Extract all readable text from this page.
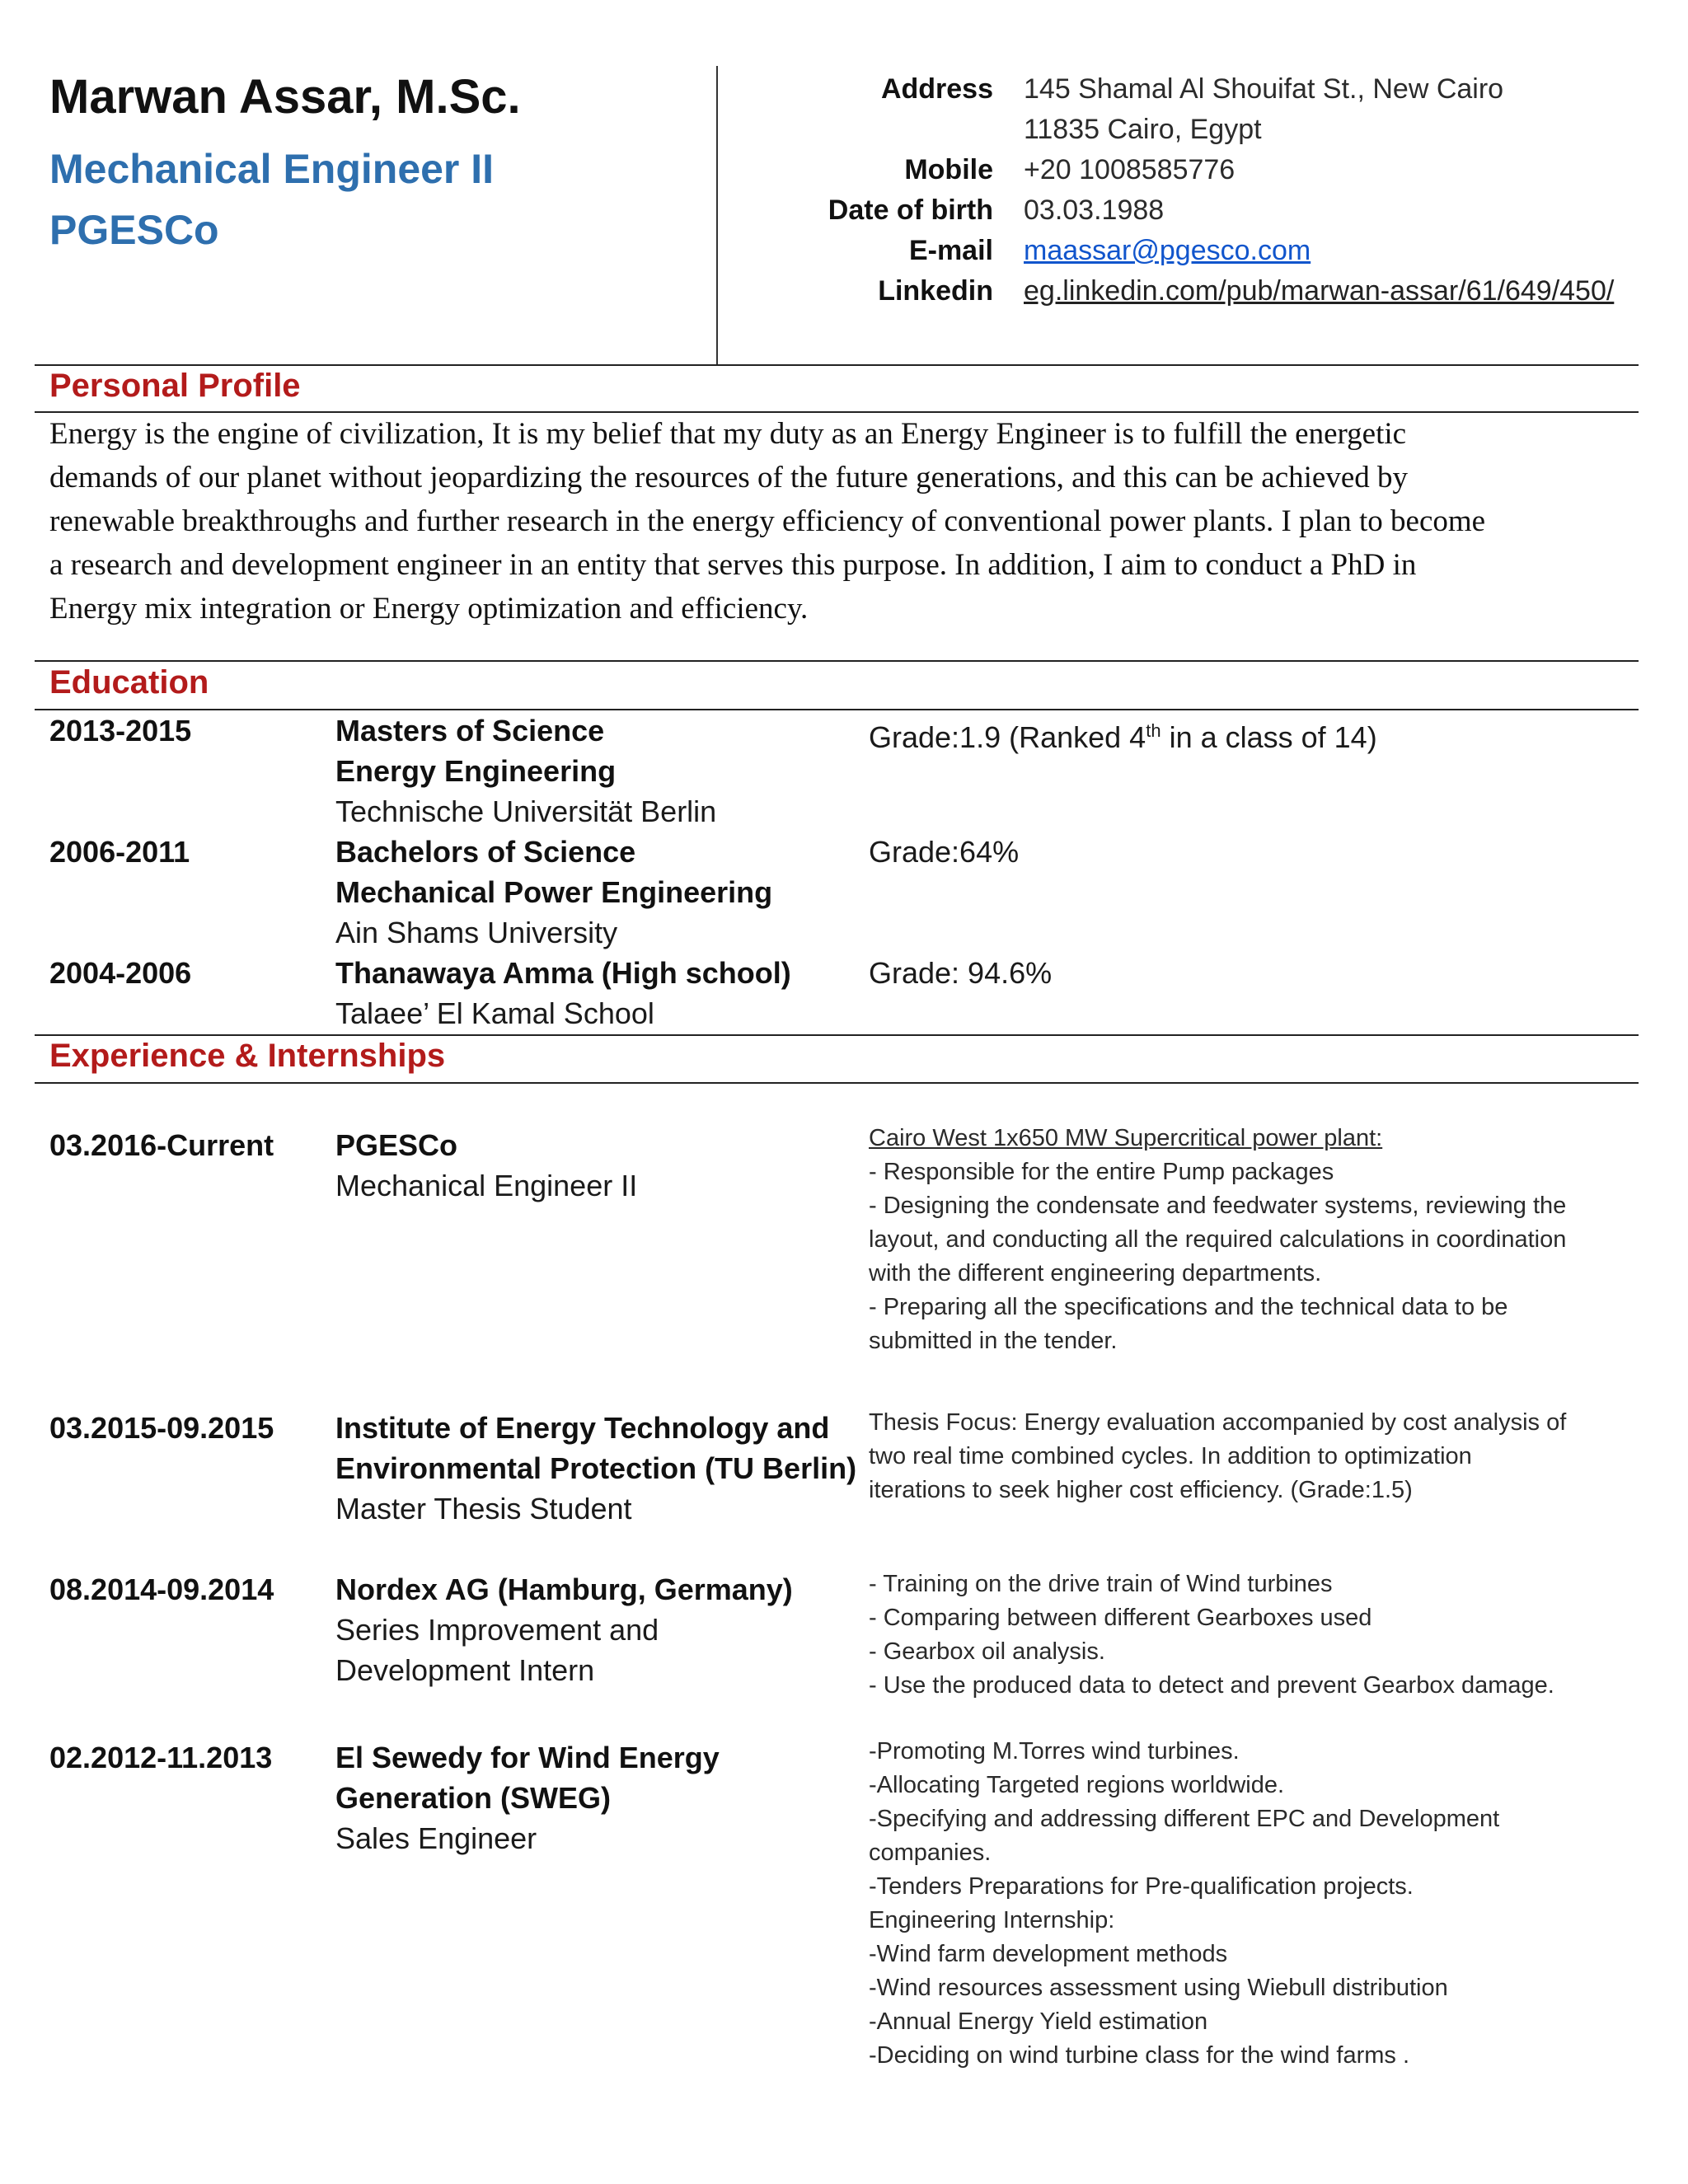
Marwan Assar, M.Sc.
Mechanical Engineer II
PGESCo
Address	145 Shamal Al Shouifat St., New Cairo
11835 Cairo, Egypt
Mobile	+20 1008585776
Date of birth	03.03.1988
E-mail	maassar@pgesco.com
Linkedin	eg.linkedin.com/pub/marwan-assar/61/649/450/
Personal Profile
Energy is the engine of civilization, It is my belief that my duty as an Energy Engineer is to fulfill the energetic
demands of our planet without jeopardizing the resources of the future generations, and this can be achieved by
renewable breakthroughs and further research in the energy efficiency of conventional power plants. I plan to become
a research and development engineer in an entity that serves this purpose. In addition, I aim to conduct a PhD in
Energy mix integration or Energy optimization and efficiency.
Education
2013-2015	Masters of Science
Energy Engineering
Technische Universität Berlin
Grade:1.9 (Ranked 4th in a class of 14)
2006-2011	Bachelors of Science
Mechanical Power Engineering
Ain Shams University
Grade:64%
2004-2006	Thanawaya Amma (High school)
Talaee’ El Kamal School
Grade: 94.6%
Experience & Internships
03.2016-Current PGESCo
Mechanical Engineer II
Cairo West 1x650 MW Supercritical power plant:
- Responsible for the entire Pump packages
- Designing the condensate and feedwater systems, reviewing the
layout, and conducting all the required calculations in coordination
with the different engineering departments.
- Preparing all the specifications and the technical data to be
submitted in the tender.
03.2015-09.2015 Institute of Energy Technology and
Environmental Protection (TU Berlin)
Master Thesis Student
Thesis Focus: Energy evaluation accompanied by cost analysis of
two real time combined cycles. In addition to optimization
iterations to seek higher cost efficiency. (Grade:1.5)
08.2014-09.2014 Nordex AG (Hamburg, Germany)
Series Improvement and
Development Intern
- Training on the drive train of Wind turbines
- Comparing between different Gearboxes used
- Gearbox oil analysis.
- Use the produced data to detect and prevent Gearbox damage.
02.2012-11.2013 El Sewedy for Wind Energy
Generation (SWEG)
Sales Engineer
-Promoting M.Torres wind turbines.
-Allocating Targeted regions worldwide.
-Specifying and addressing different EPC and Development
companies.
-Tenders Preparations for Pre-qualification projects.
Engineering Internship:
-Wind farm development methods
-Wind resources assessment using Wiebull distribution
-Annual Energy Yield estimation
-Deciding on wind turbine class for the wind farms .
